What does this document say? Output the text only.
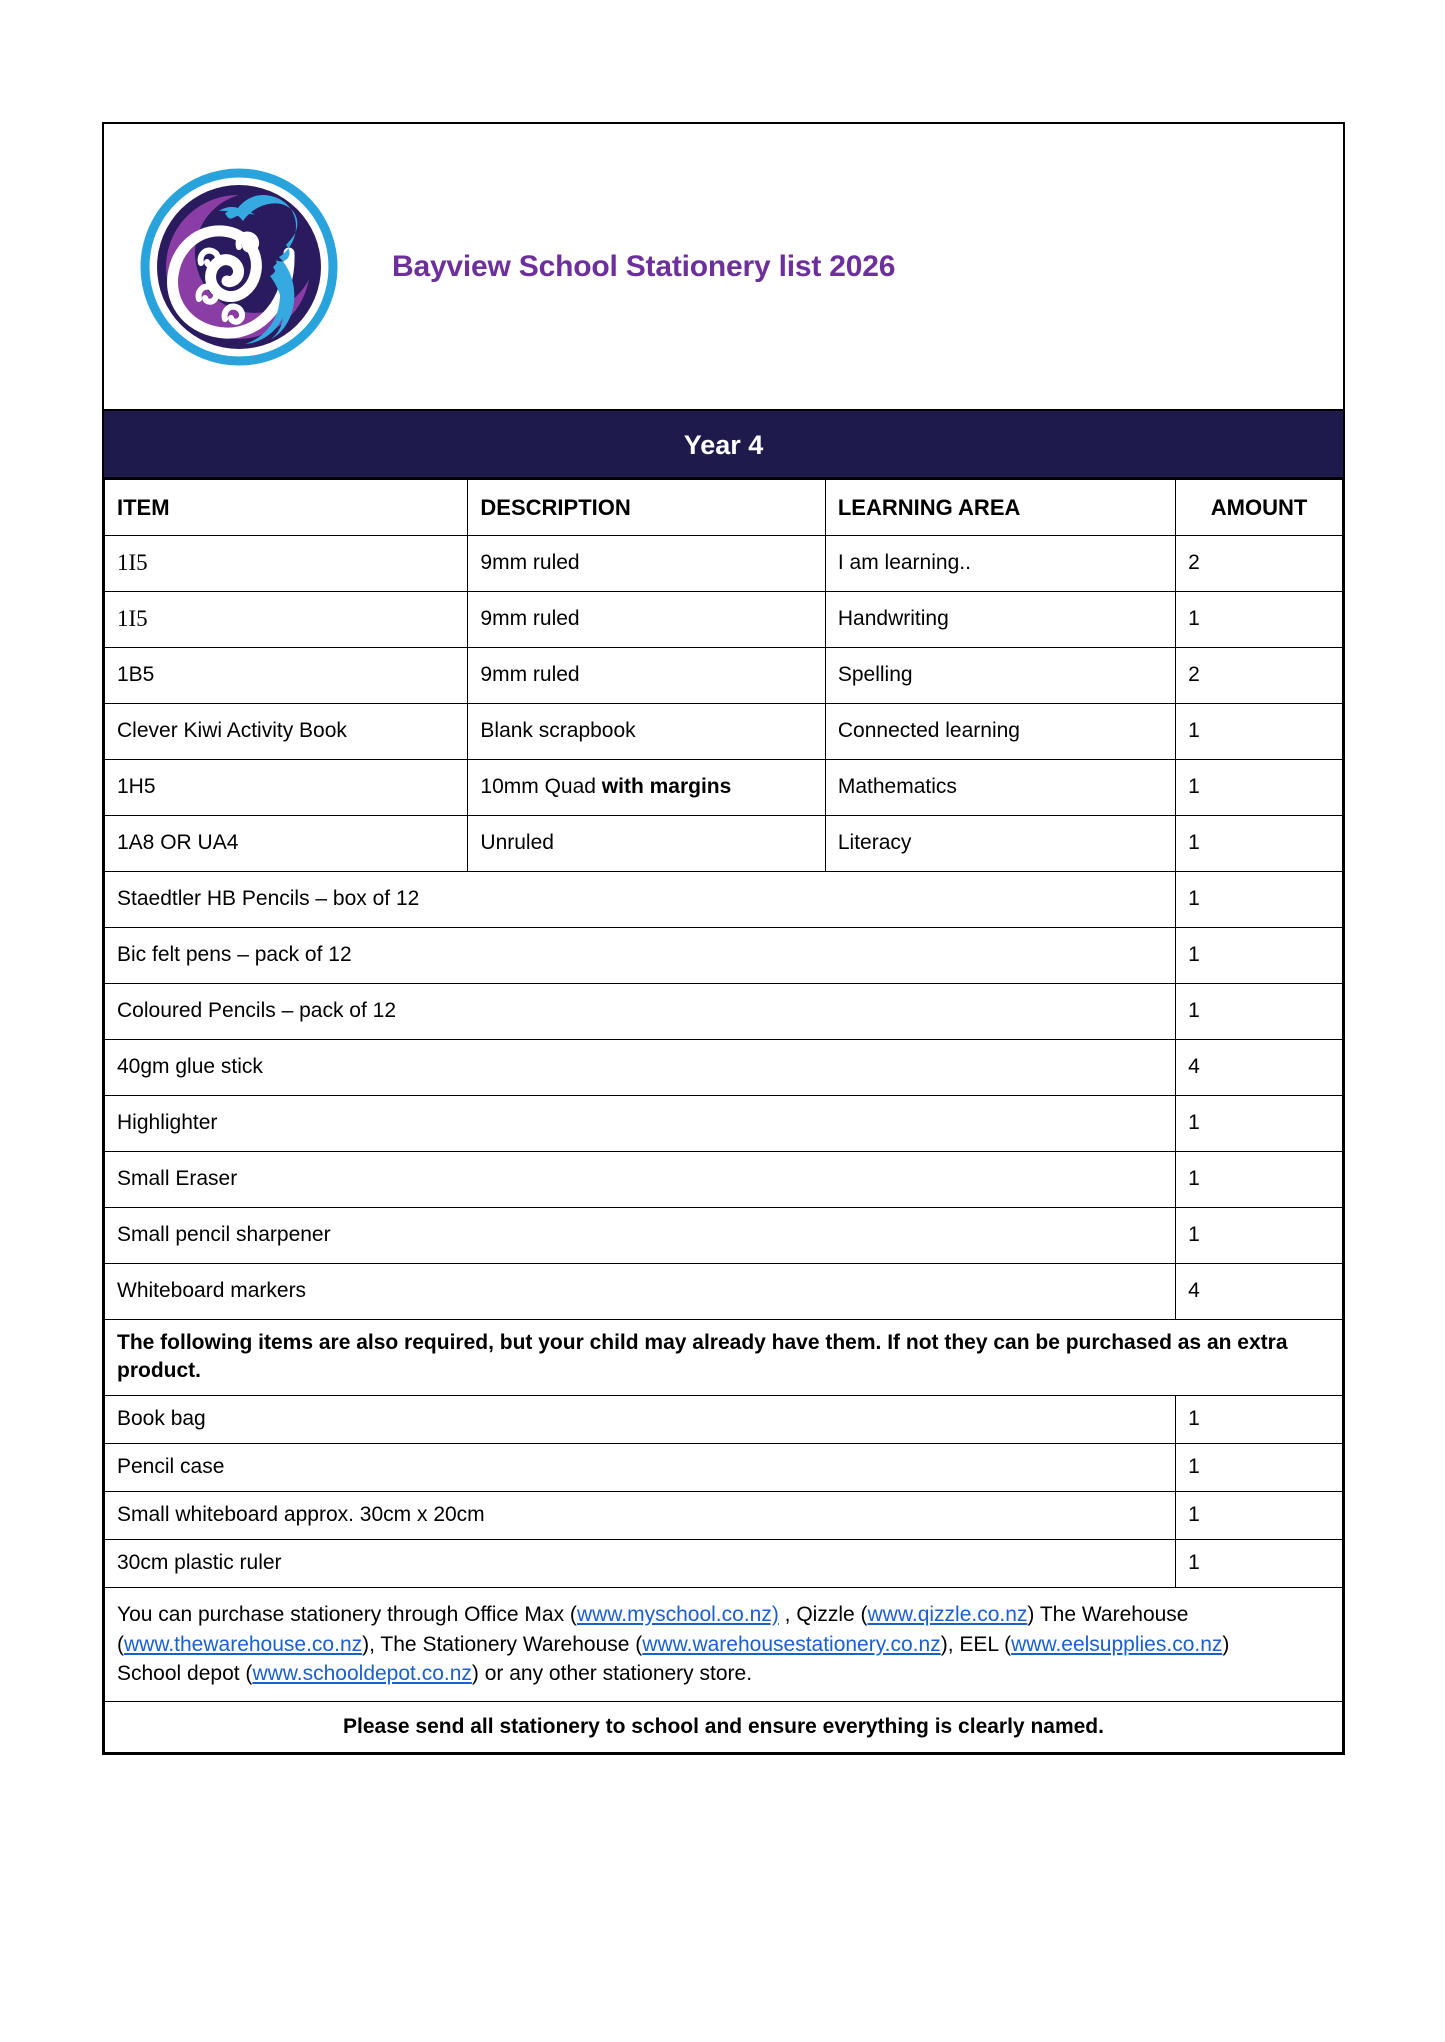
Bayview School Stationery list 2026
Year 4
ITEM	DESCRIPTION	LEARNING AREA	AMOUNT
1I5	9mm ruled	I am learning..	2
1I5	9mm ruled	Handwriting	1
1B5	9mm ruled	Spelling	2
Clever Kiwi Activity Book	Blank scrapbook	Connected learning	1
1H5	10mm Quad with margins	Mathematics	1
1A8 OR UA4	Unruled	Literacy	1
Staedtler HB Pencils – box of 12			1
Bic felt pens – pack of 12			1
Coloured Pencils – pack of 12			1
40gm glue stick			4
Highlighter			1
Small Eraser			1
Small pencil sharpener			1
Whiteboard markers			4
The following items are also required, but your child may already have them. If not they can be purchased as an extra product.			
Book bag			1
Pencil case			1
Small whiteboard approx. 30cm x 20cm			1
30cm plastic ruler			1
You can purchase stationery through Office Max (www.myschool.co.nz) , Qizzle (www.qizzle.co.nz) The Warehouse (www.thewarehouse.co.nz), The Stationery Warehouse (www.warehousestationery.co.nz), EEL (www.eelsupplies.co.nz)
School depot (www.schooldepot.co.nz) or any other stationery store.			
Please send all stationery to school and ensure everything is clearly named.			
